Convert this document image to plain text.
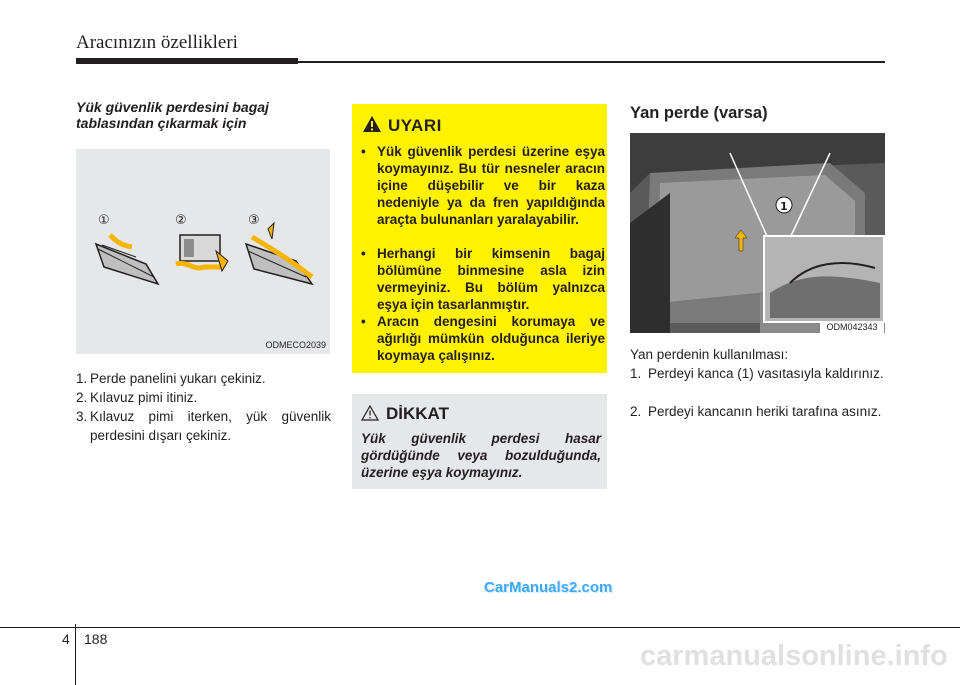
Aracınızın özellikleri
Yük güvenlik perdesini bagaj
tablasından çıkarmak için
①	②	③
ODMECO2039
1. Perde panelini yukarı çekiniz.
2. Kılavuz pimi itiniz.
3. Kılavuz pimi iterken, yük güvenlik perdesini dışarı çekiniz.
UYARI
• Yük güvenlik perdesi üzerine eşya koymayınız. Bu tür nesneler aracın içine düşebilir ve bir kaza nedeniyle ya da fren yapıldığında araçta bulunanları yaralayabilir.
• Herhangi bir kimsenin bagaj bölümüne binmesine asla izin vermeyiniz. Bu bölüm yalnızca eşya için tasarlanmıştır.
• Aracın dengesini korumaya ve ağırlığı mümkün olduğunca ileriye koymaya çalışınız.
DİKKAT
Yük güvenlik perdesi hasar gördüğünde veya bozulduğunda, üzerine eşya koymayınız.
Yan perde (varsa)
1
ODM042343
Yan perdenin kullanılması:
1. Perdeyi kanca (1) vasıtasıyla kaldırınız.
2. Perdeyi kancanın heriki tarafına asınız.
CarManuals2.com
carmanualsonline.info
4 188
